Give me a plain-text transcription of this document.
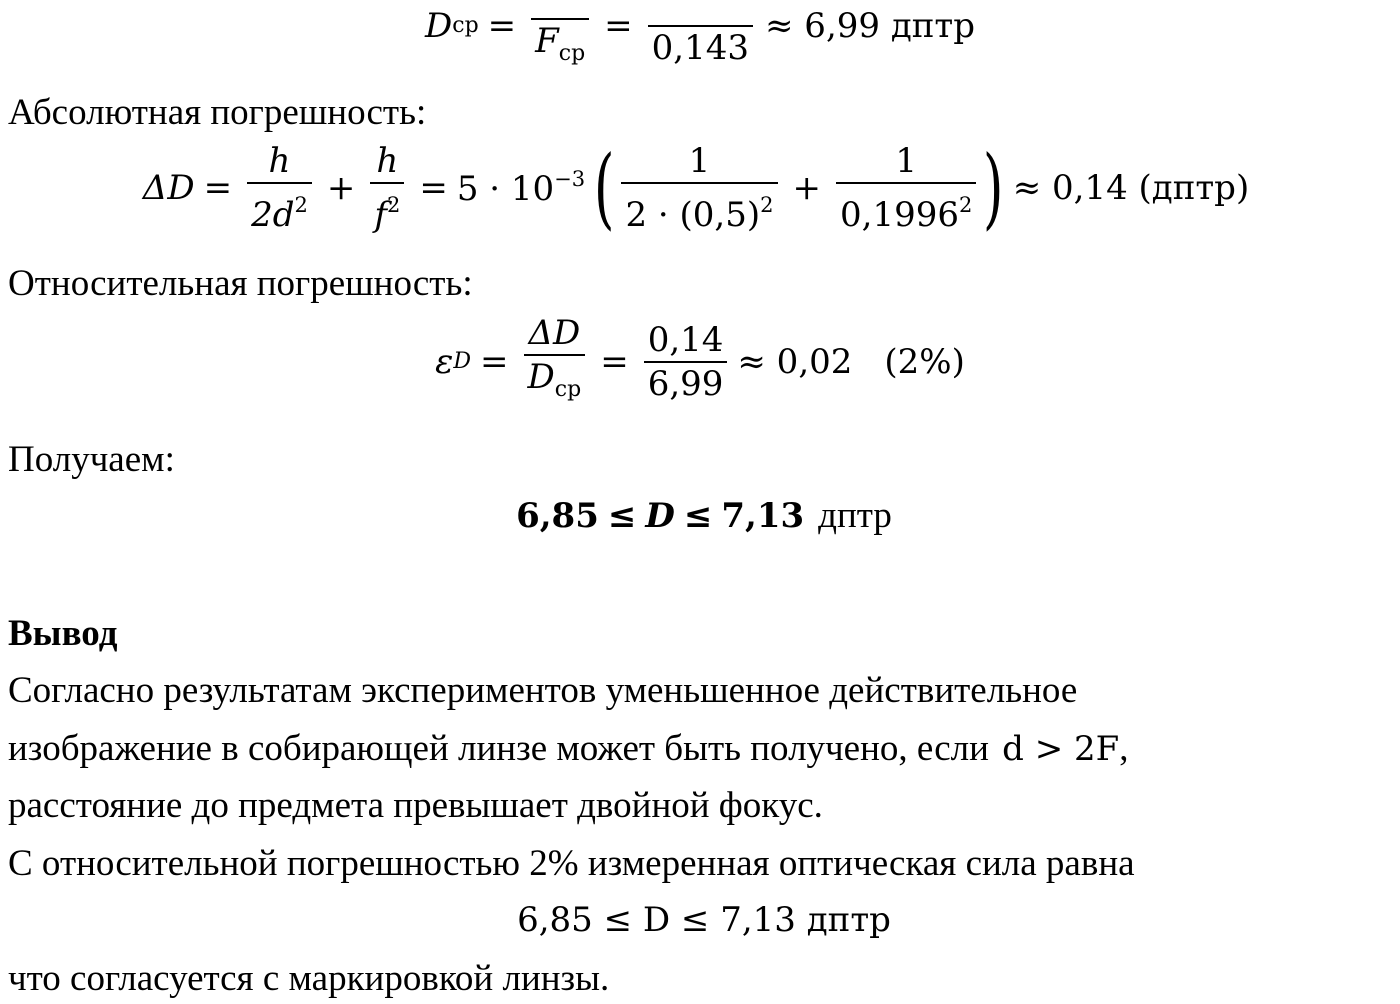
D ср =
$F_{ср}$
=

0,143
≈ 6,99 дптр
Абсолютная погрешность:
$\Delta D = \frac{h}{2d^2} + \frac{h}{f^2} = 5 \cdot 10^{-3}$ ( $\frac{1}{2 \cdot (0,5)^2} + \frac{1}{0,1996^2}$ ) ≈ 0,14 (дптр)
Относительная погрешность:
ε $D = \frac{\Delta D}{D_{ср}} = \frac{0,14}{6,99} \approx 0,02$ (2%)
Получаем:
6,85 ≤ D ≤ 7,13 дптр
Вывод
Согласно результатам экспериментов уменьшенное действительное
изображение в собирающей линзе может быть получено, если d > 2F,
расстояние до предмета превышает двойной фокус.
С относительной погрешностью 2% измеренная оптическая сила равна
6,85 ≤ D ≤ 7,13 дптр
что согласуется с маркировкой линзы.
